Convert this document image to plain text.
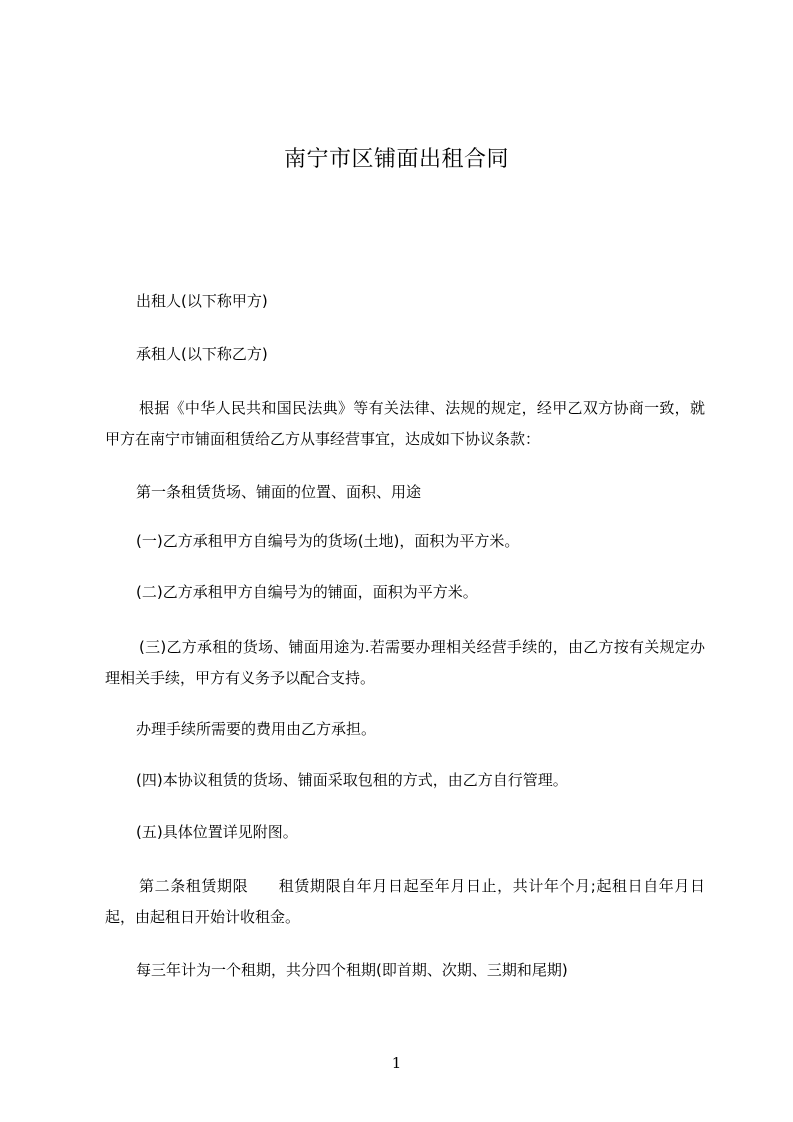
南宁市区铺面出租合同

出租人(以下称甲方)

承租人(以下称乙方)

根据《中华人民共和国民法典》等有关法律、法规的规定，经甲乙双方协商一致，就甲方在南宁市铺面租赁给乙方从事经营事宜，达成如下协议条款：

第一条租赁货场、铺面的位置、面积、用途

(一)乙方承租甲方自编号为的货场(土地)，面积为平方米。

(二)乙方承租甲方自编号为的铺面，面积为平方米。

(三)乙方承租的货场、铺面用途为.若需要办理相关经营手续的，由乙方按有关规定办理相关手续，甲方有义务予以配合支持。

办理手续所需要的费用由乙方承担。

(四)本协议租赁的货场、铺面采取包租的方式，由乙方自行管理。

(五)具体位置详见附图。

第二条租赁期限 租赁期限自年月日起至年月日止，共计年个月;起租日自年月日起，由起租日开始计收租金。

每三年计为一个租期，共分四个租期(即首期、次期、三期和尾期)

1
